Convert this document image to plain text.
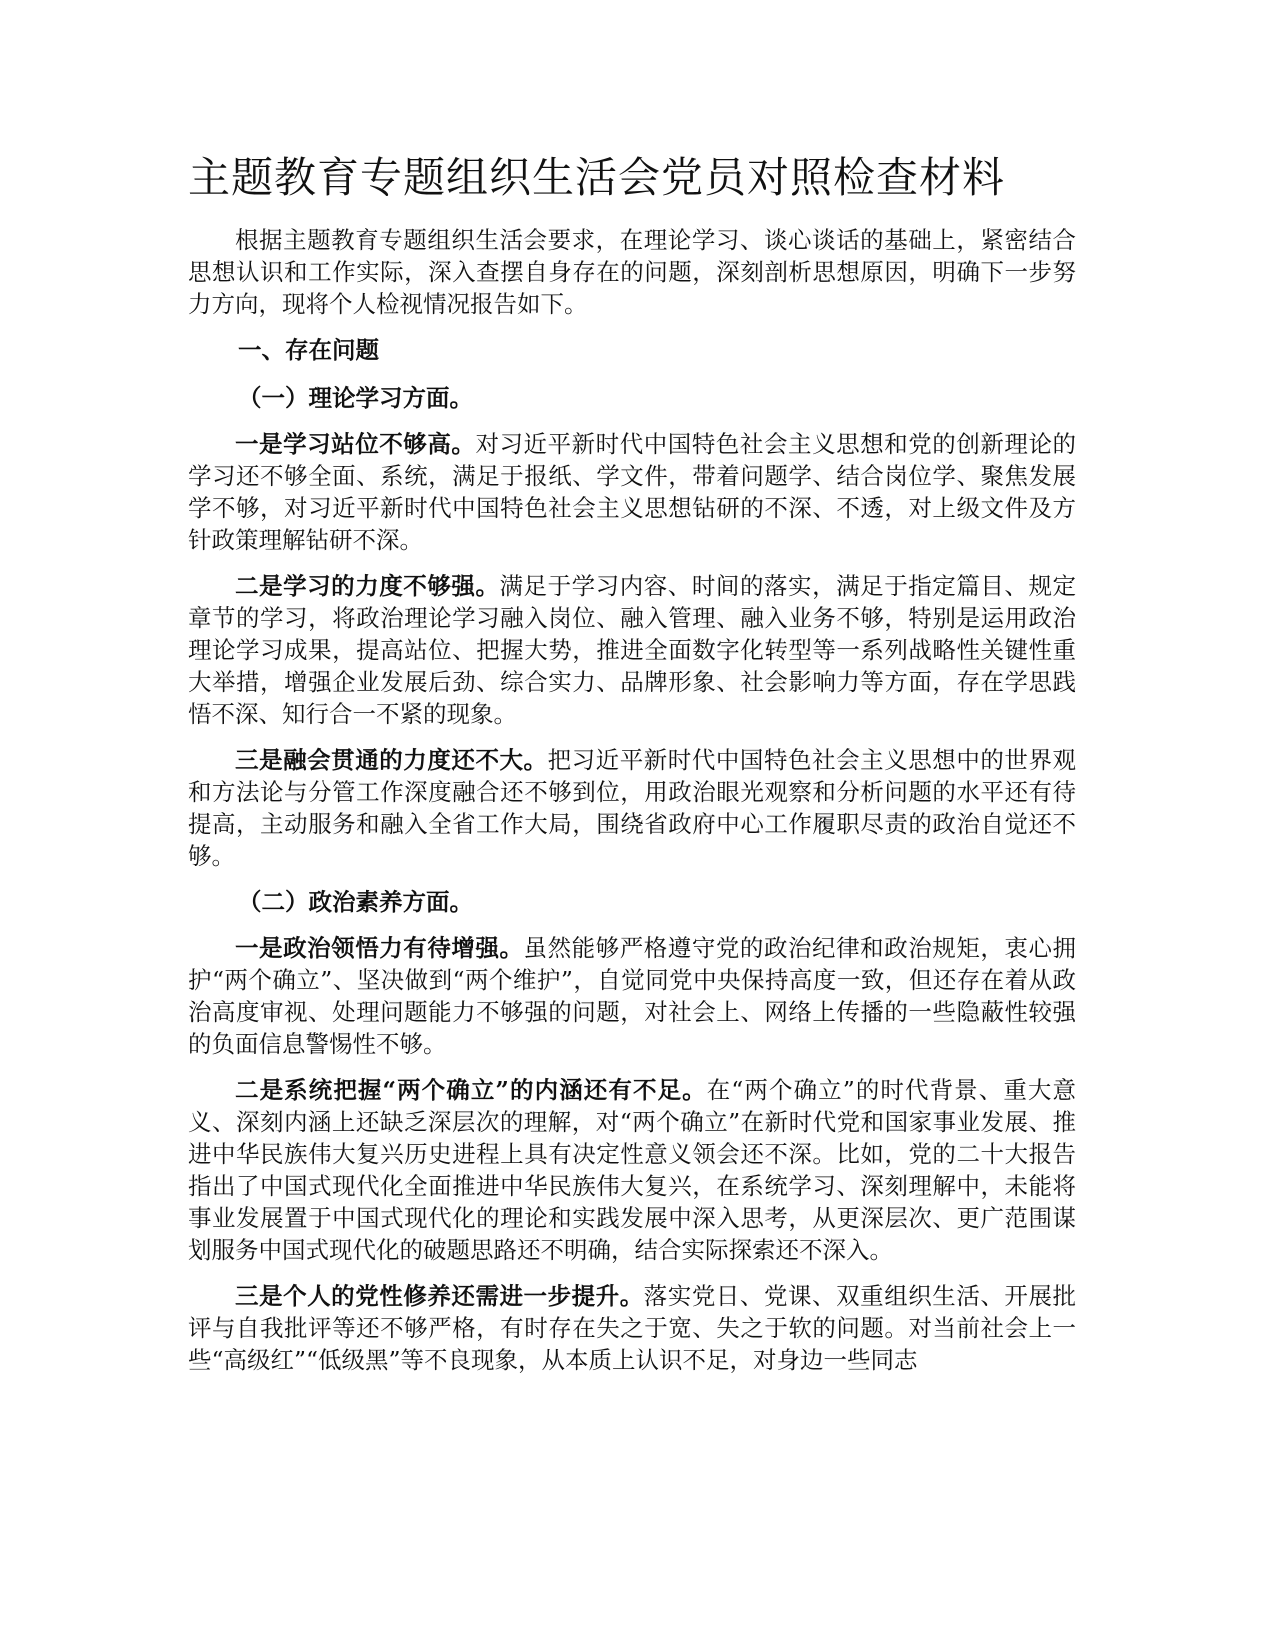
主题教育专题组织生活会党员对照检查材料

根据主题教育专题组织生活会要求，在理论学习、谈心谈话的基础上，紧密结合思想认识和工作实际，深入查摆自身存在的问题，深刻剖析思想原因，明确下一步努力方向，现将个人检视情况报告如下。

一、存在问题
（一）理论学习方面。

一是学习站位不够高。对习近平新时代中国特色社会主义思想和党的创新理论的学习还不够全面、系统，满足于报纸、学文件，带着问题学、结合岗位学、聚焦发展学不够，对习近平新时代中国特色社会主义思想钻研的不深、不透，对上级文件及方针政策理解钻研不深。

二是学习的力度不够强。满足于学习内容、时间的落实，满足于指定篇目、规定章节的学习，将政治理论学习融入岗位、融入管理、融入业务不够，特别是运用政治理论学习成果，提高站位、把握大势，推进全面数字化转型等一系列战略性关键性重大举措，增强企业发展后劲、综合实力、品牌形象、社会影响力等方面，存在学思践悟不深、知行合一不紧的现象。

三是融会贯通的力度还不大。把习近平新时代中国特色社会主义思想中的世界观和方法论与分管工作深度融合还不够到位，用政治眼光观察和分析问题的水平还有待提高，主动服务和融入全省工作大局，围绕省政府中心工作履职尽责的政治自觉还不够。

（二）政治素养方面。

一是政治领悟力有待增强。虽然能够严格遵守党的政治纪律和政治规矩，衷心拥护“两个确立”、坚决做到“两个维护”，自觉同党中央保持高度一致，但还存在着从政治高度审视、处理问题能力不够强的问题，对社会上、网络上传播的一些隐蔽性较强的负面信息警惕性不够。

二是系统把握“两个确立”的内涵还有不足。在“两个确立”的时代背景、重大意义、深刻内涵上还缺乏深层次的理解，对“两个确立”在新时代党和国家事业发展、推进中华民族伟大复兴历史进程上具有决定性意义领会还不深。比如，党的二十大报告指出了中国式现代化全面推进中华民族伟大复兴，在系统学习、深刻理解中，未能将事业发展置于中国式现代化的理论和实践发展中深入思考，从更深层次、更广范围谋划服务中国式现代化的破题思路还不明确，结合实际探索还不深入。

三是个人的党性修养还需进一步提升。落实党日、党课、双重组织生活、开展批评与自我批评等还不够严格，有时存在失之于宽、失之于软的问题。对当前社会上一些“高级红”“低级黑”等不良现象，从本质上认识不足，对身边一些同志
